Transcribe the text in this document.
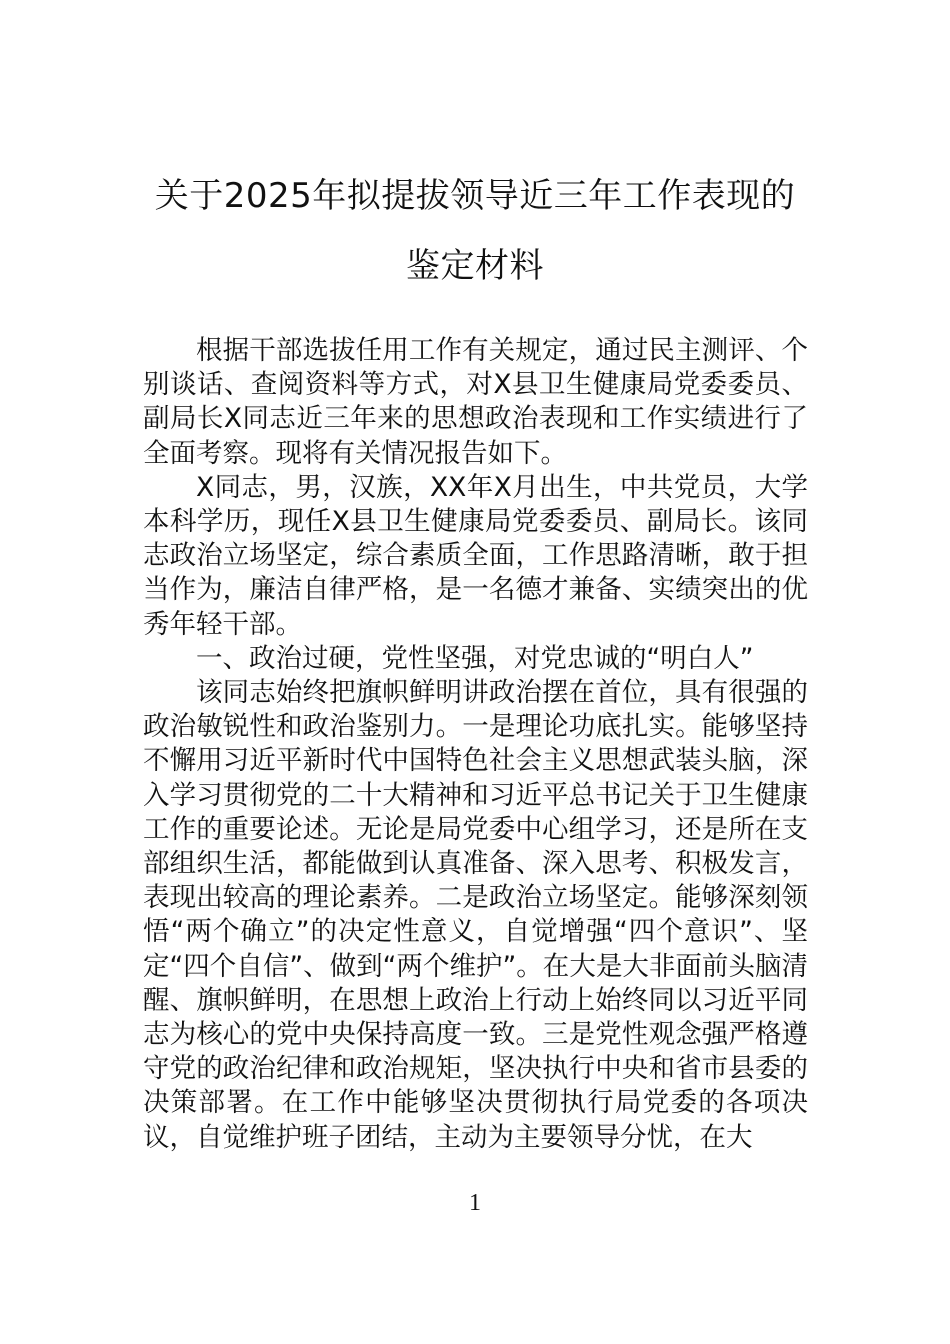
关于2025年拟提拔领导近三年工作表现的
鉴定材料

根据干部选拔任用工作有关规定，通过民主测评、个别谈话、查阅资料等方式，对X县卫生健康局党委委员、副局长X同志近三年来的思想政治表现和工作实绩进行了全面考察。现将有关情况报告如下。

X同志，男，汉族，XX年X月出生，中共党员，大学本科学历，现任X县卫生健康局党委委员、副局长。该同志政治立场坚定，综合素质全面，工作思路清晰，敢于担当作为，廉洁自律严格，是一名德才兼备、实绩突出的优秀年轻干部。

一、政治过硬，党性坚强，对党忠诚的“明白人”

该同志始终把旗帜鲜明讲政治摆在首位，具有很强的政治敏锐性和政治鉴别力。一是理论功底扎实。能够坚持不懈用习近平新时代中国特色社会主义思想武装头脑，深入学习贯彻党的二十大精神和习近平总书记关于卫生健康工作的重要论述。无论是局党委中心组学习，还是所在支部组织生活，都能做到认真准备、深入思考、积极发言，表现出较高的理论素养。二是政治立场坚定。能够深刻领悟“两个确立”的决定性意义，自觉增强“四个意识”、坚定“四个自信”、做到“两个维护”。在大是大非面前头脑清醒、旗帜鲜明，在思想上政治上行动上始终同以习近平同志为核心的党中央保持高度一致。三是党性观念强严格遵守党的政治纪律和政治规矩，坚决执行中央和省市县委的决策部署。在工作中能够坚决贯彻执行局党委的各项决议，自觉维护班子团结，主动为主要领导分忧，在大

1
